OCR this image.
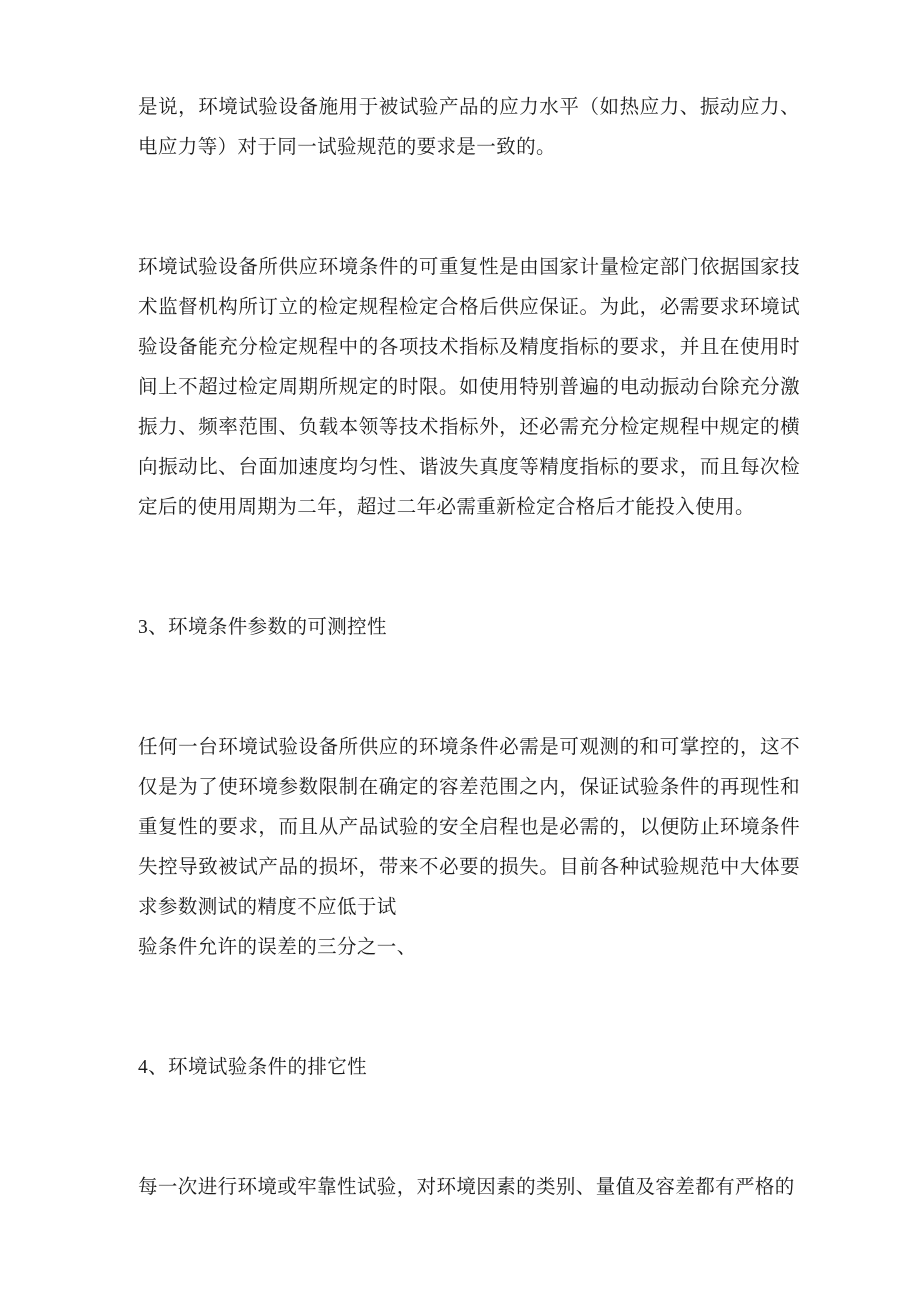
是说，环境试验设备施用于被试验产品的应力水平（如热应力、振动应力、电应力等）对于同一试验规范的要求是一致的。

环境试验设备所供应环境条件的可重复性是由国家计量检定部门依据国家技术监督机构所订立的检定规程检定合格后供应保证。为此，必需要求环境试验设备能充分检定规程中的各项技术指标及精度指标的要求，并且在使用时间上不超过检定周期所规定的时限。如使用特别普遍的电动振动台除充分激振力、频率范围、负载本领等技术指标外，还必需充分检定规程中规定的横向振动比、台面加速度均匀性、谐波失真度等精度指标的要求，而且每次检定后的使用周期为二年，超过二年必需重新检定合格后才能投入使用。

3、环境条件参数的可测控性

任何一台环境试验设备所供应的环境条件必需是可观测的和可掌控的，这不仅是为了使环境参数限制在确定的容差范围之内，保证试验条件的再现性和重复性的要求，而且从产品试验的安全启程也是必需的，以便防止环境条件失控导致被试产品的损坏，带来不必要的损失。目前各种试验规范中大体要求参数测试的精度不应低于试

验条件允许的误差的三分之一、

4、环境试验条件的排它性

每一次进行环境或牢靠性试验，对环境因素的类别、量值及容差都有严格的
